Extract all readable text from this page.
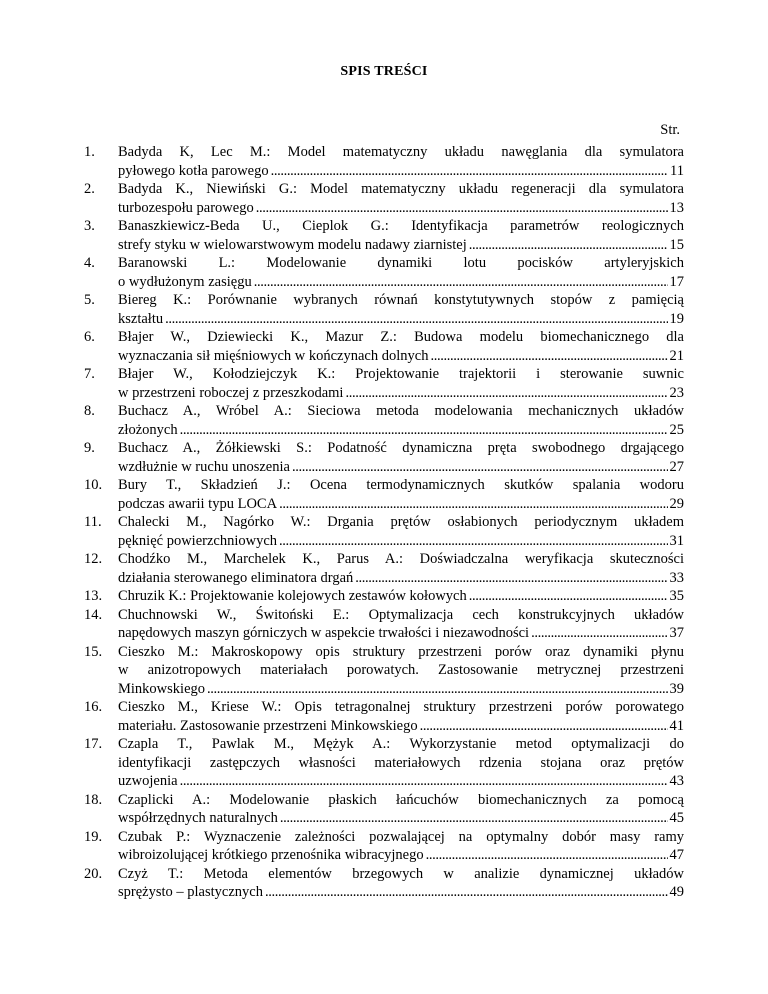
SPIS TREŚCI
Str.
1. Badyda K, Lec M.: Model matematyczny układu nawęglania dla symulatora
pyłowego kotła parowego . . .	11
2. Badyda K., Niewiński G.: Model matematyczny układu regeneracji dla symulatora
turbozespołu parowego . . .	13
3. Banaszkiewicz-Beda U., Cieplok G.: Identyfikacja parametrów reologicznych
strefy styku w wielowarstwowym modelu nadawy ziarnistej . . .	15
4. Baranowski L.: Modelowanie dynamiki lotu pocisków artyleryjskich
o wydłużonym zasięgu . . .	17
5. Biereg K.: Porównanie wybranych równań konstytutywnych stopów z pamięcią
kształtu . . .	19
6. Błajer W., Dziewiecki K., Mazur Z.: Budowa modelu biomechanicznego dla
wyznaczania sił mięśniowych w kończynach dolnych . . .	21
7. Błajer W., Kołodziejczyk K.: Projektowanie trajektorii i sterowanie suwnic
w przestrzeni roboczej z przeszkodami . . .	23
8. Buchacz A., Wróbel A.: Sieciowa metoda modelowania mechanicznych układów
złożonych . . .	25
9. Buchacz A., Żółkiewski S.: Podatność dynamiczna pręta swobodnego drgającego
wzdłużnie w ruchu unoszenia . . .	27
10. Bury T., Składzień J.: Ocena termodynamicznych skutków spalania wodoru
podczas awarii typu LOCA . . .	29
11. Chalecki M., Nagórko W.: Drgania prętów osłabionych periodycznym układem
pęknięć powierzchniowych . . .	31
12. Chodźko M., Marchelek K., Parus A.: Doświadczalna weryfikacja skuteczności
działania sterowanego eliminatora drgań . . .	33
13. Chruzik K.: Projektowanie kolejowych zestawów kołowych . . .	35
14. Chuchnowski W., Świtoński E.: Optymalizacja cech konstrukcyjnych układów
napędowych maszyn górniczych w aspekcie trwałości i niezawodności . . .	37
15. Cieszko M.: Makroskopowy opis struktury przestrzeni porów oraz dynamiki płynu
w anizotropowych materiałach porowatych. Zastosowanie metrycznej przestrzeni
Minkowskiego . . .	39
16. Cieszko M., Kriese W.: Opis tetragonalnej struktury przestrzeni porów porowatego
materiału. Zastosowanie przestrzeni Minkowskiego . . .	41
17. Czapla T., Pawlak M., Mężyk A.: Wykorzystanie metod optymalizacji do
identyfikacji zastępczych własności materiałowych rdzenia stojana oraz prętów
uzwojenia . . .	43
18. Czaplicki A.: Modelowanie płaskich łańcuchów biomechanicznych za pomocą
współrzędnych naturalnych . . .	45
19. Czubak P.: Wyznaczenie zależności pozwalającej na optymalny dobór masy ramy
wibroizolującej krótkiego przenośnika wibracyjnego . . .	47
20. Czyż T.: Metoda elementów brzegowych w analizie dynamicznej układów
sprężysto – plastycznych . . .	49
